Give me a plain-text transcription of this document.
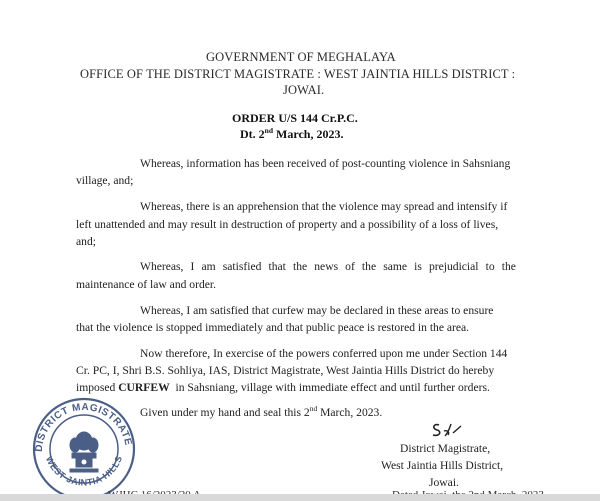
GOVERNMENT OF MEGHALAYA
OFFICE OF THE DISTRICT MAGISTRATE : WEST JAINTIA HILLS DISTRICT :
JOWAI.
ORDER U/S 144 Cr.P.C.
Dt. 2nd March, 2023.
Whereas, information has been received of post-counting violence in Sahsniang
village, and;
Whereas, there is an apprehension that the violence may spread and intensify if
left unattended and may result in destruction of property and a possibility of a loss of lives,
and;
Whereas, I am satisfied that the news of the same is prejudicial to the
maintenance of law and order.
Whereas, I am satisfied that curfew may be declared in these areas to ensure
that the violence is stopped immediately and that public peace is restored in the area.
Now therefore, In exercise of the powers conferred upon me under Section 144
Cr. PC, I, Shri B.S. Sohliya, IAS, District Magistrate, West Jaintia Hills District do hereby
imposed CURFEW  in Sahsniang, village with immediate effect and until further orders.
Given under my hand and seal this 2nd March, 2023.
District Magistrate,
West Jaintia Hills District,
Jowai.
DISTRICT MAGISTRATE
WEST JAINTIA HILLS
